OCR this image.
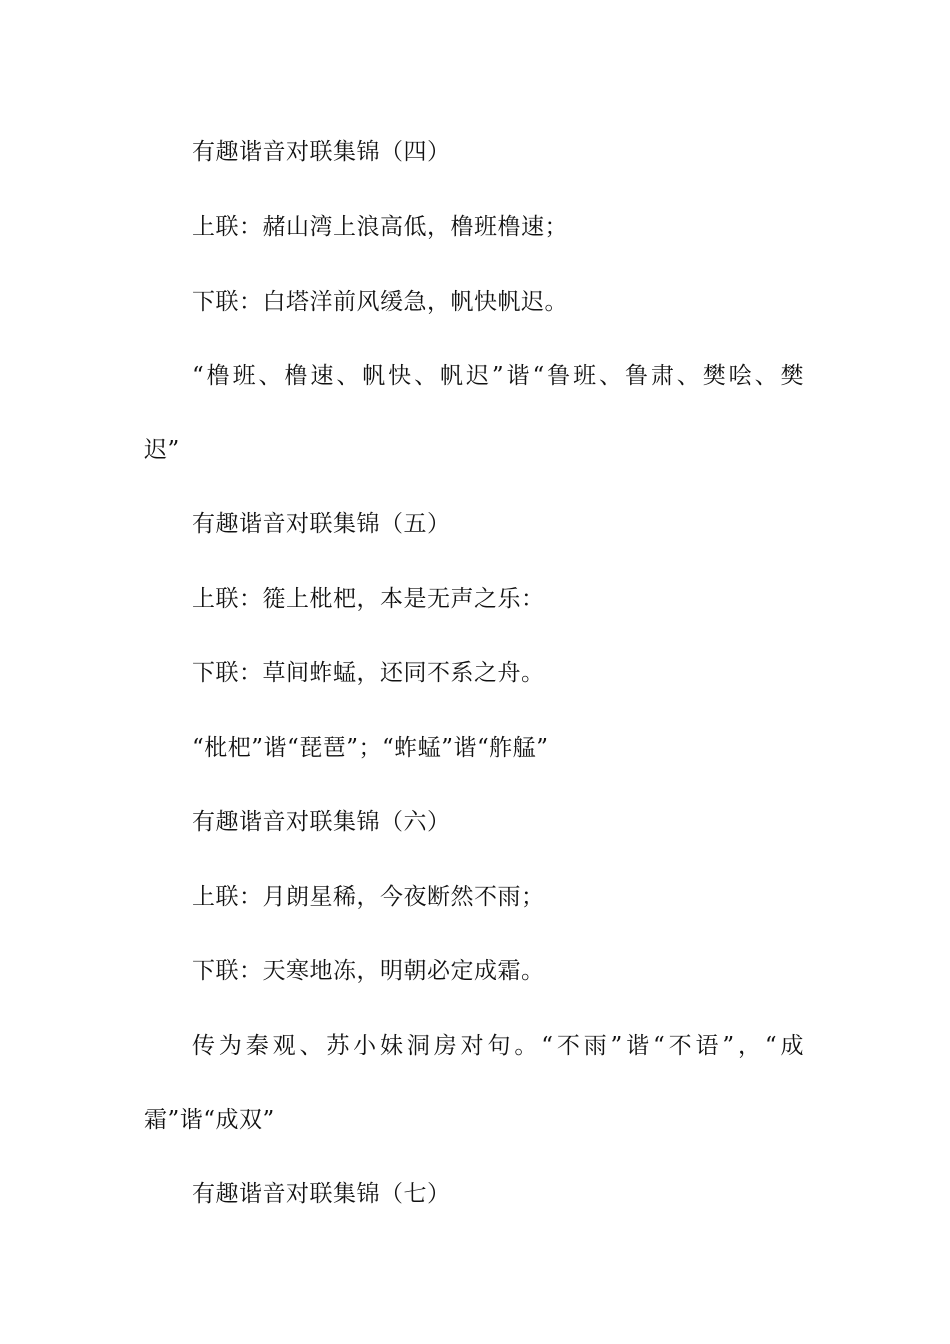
有趣谐音对联集锦（四）
上联：赭山湾上浪高低，橹班橹速；
下联：白塔洋前风缓急，帆快帆迟。
“橹班、橹速、帆快、帆迟”谐“鲁班、鲁肃、樊哙、樊
迟”
有趣谐音对联集锦（五）
上联：簁上枇杷，本是无声之乐：
下联：草间蚱蜢，还同不系之舟。
“枇杷”谐“琵琶”；“蚱蜢”谐“舴艋”
有趣谐音对联集锦（六）
上联：月朗星稀，今夜断然不雨；
下联：天寒地冻，明朝必定成霜。
传为秦观、苏小妹洞房对句。“不雨”谐“不语”，“成
霜”谐“成双”
有趣谐音对联集锦（七）
